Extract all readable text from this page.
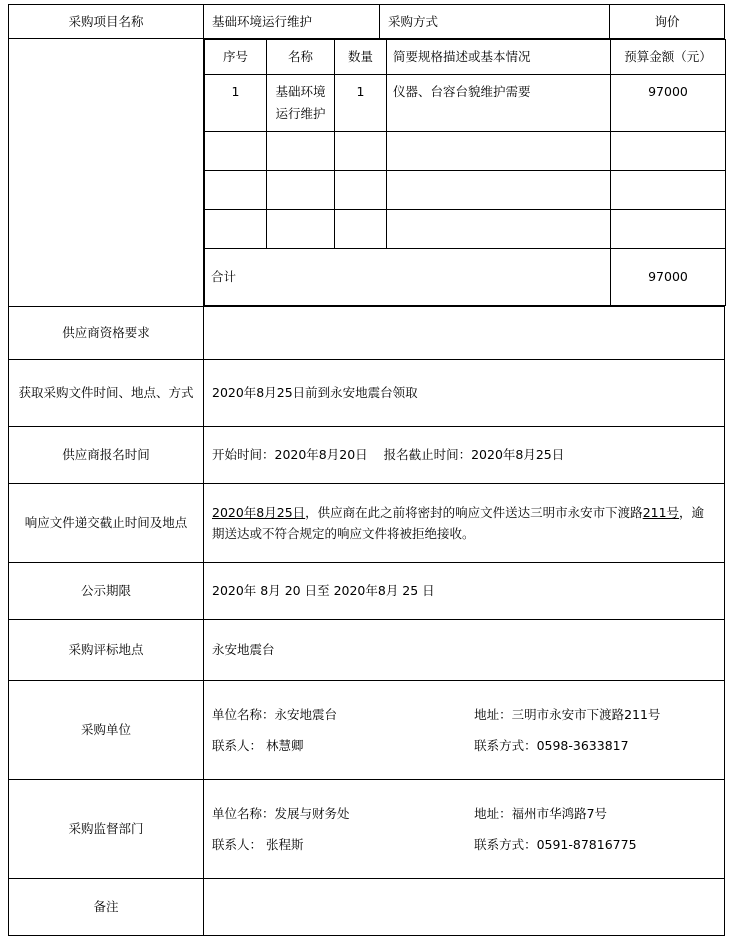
采购项目名称	基础环境运行维护	采购方式	询价

序号	名称	数量	简要规格描述或基本情况	预算金额（元）
1	基础环境运行维护	1	仪器、台容台貌维护需要	97000

合计	97000

供应商资格要求	
获取采购文件时间、地点、方式	2020年8月25日前到永安地震台领取
供应商报名时间	开始时间：2020年8月20日 报名截止时间：2020年8月25日
响应文件递交截止时间及地点	2020年8月25日，供应商在此之前将密封的响应文件送达三明市永安市下渡路211号，逾期送达或不符合规定的响应文件将被拒绝接收。
公示期限	2020年 8月 20 日至 2020年8月 25 日
采购评标地点	永安地震台
采购单位	
单位名称：永安地震台	地址：三明市永安市下渡路211号
联系人： 林慧卿	联系方式：0598-3633817

采购监督部门	
单位名称：发展与财务处	地址：福州市华鸿路7号
联系人： 张程斯	联系方式：0591-87816775

备注	
